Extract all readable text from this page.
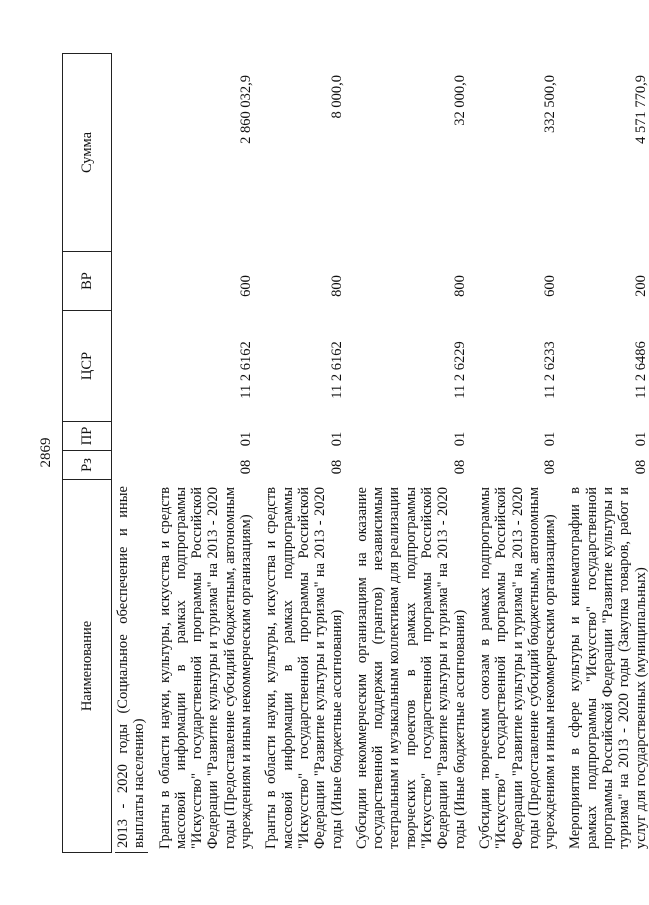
2869
Наименование
Рз
ПР
ЦСР
ВР
Сумма
2013 - 2020 годы (Социальное обеспечение и иные выплаты населению) Гранты в области науки, культуры, искусства и средств массовой информации в рамках подпрограммы "Искусство" государственной программы Российской Федерации "Развитие культуры и туризма" на 2013 - 2020 годы (Предоставление субсидий бюджетным, автономным учреждениям и иным некоммерческим организациям)
08
01
11 2 6162
600
2 860 032,9
Гранты в области науки, культуры, искусства и средств массовой информации в рамках подпрограммы "Искусство" государственной программы Российской Федерации "Развитие культуры и туризма" на 2013 - 2020 годы (Иные бюджетные ассигнования)
08
01
11 2 6162
800
8 000,0
Субсидии некоммерческим организациям на оказание государственной поддержки (грантов) независимым театральным и музыкальным коллективам для реализации творческих проектов в рамках подпрограммы "Искусство" государственной программы Российской Федерации "Развитие культуры и туризма" на 2013 - 2020 годы (Иные бюджетные ассигнования)
08
01
11 2 6229
800
32 000,0
Субсидии творческим союзам в рамках подпрограммы "Искусство" государственной программы Российской Федерации "Развитие культуры и туризма" на 2013 - 2020 годы (Предоставление субсидий бюджетным, автономным учреждениям и иным некоммерческим организациям)
08
01
11 2 6233
600
332 500,0
Мероприятия в сфере культуры и кинематографии в рамках подпрограммы "Искусство" государственной программы Российской Федерации "Развитие культуры и туризма" на 2013 - 2020 годы (Закупка товаров, работ и услуг для государственных (муниципальных)
08
01
11 2 6486
200
4 571 770,9
